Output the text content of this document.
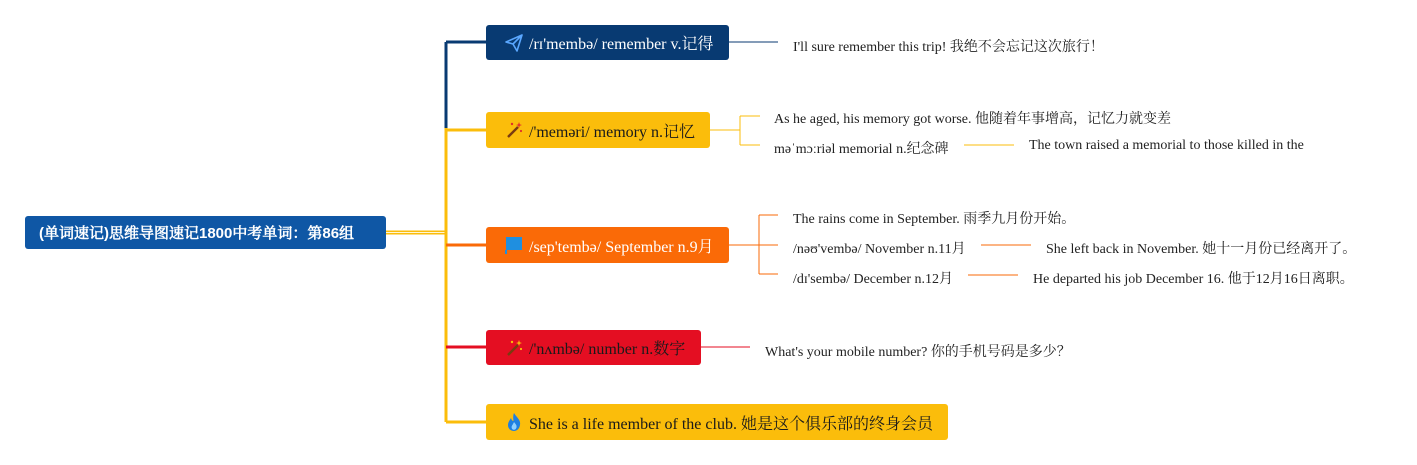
(单词速记)思维导图速记1800中考单词：第86组
/rɪ'membə/ remember v.记得	I'll sure remember this trip! 我绝不会忘记这次旅行！
/'meməri/ memory n.记忆
As he aged, his memory got worse. 他随着年事增高，记忆力就变差
məˈmɔːriəl memorial n.纪念碑	The town raised a memorial to those killed in the
/sep'tembə/ September n.9月
The rains come in September. 雨季九月份开始。
/nəʊ'vembə/ November n.11月	She left back in November. 她十一月份已经离开了。
/dɪ'sembə/ December n.12月	He departed his job December 16. 他于12月16日离职。
/'nʌmbə/ number n.数字	What's your mobile number? 你的手机号码是多少？
She is a life member of the club. 她是这个俱乐部的终身会员
